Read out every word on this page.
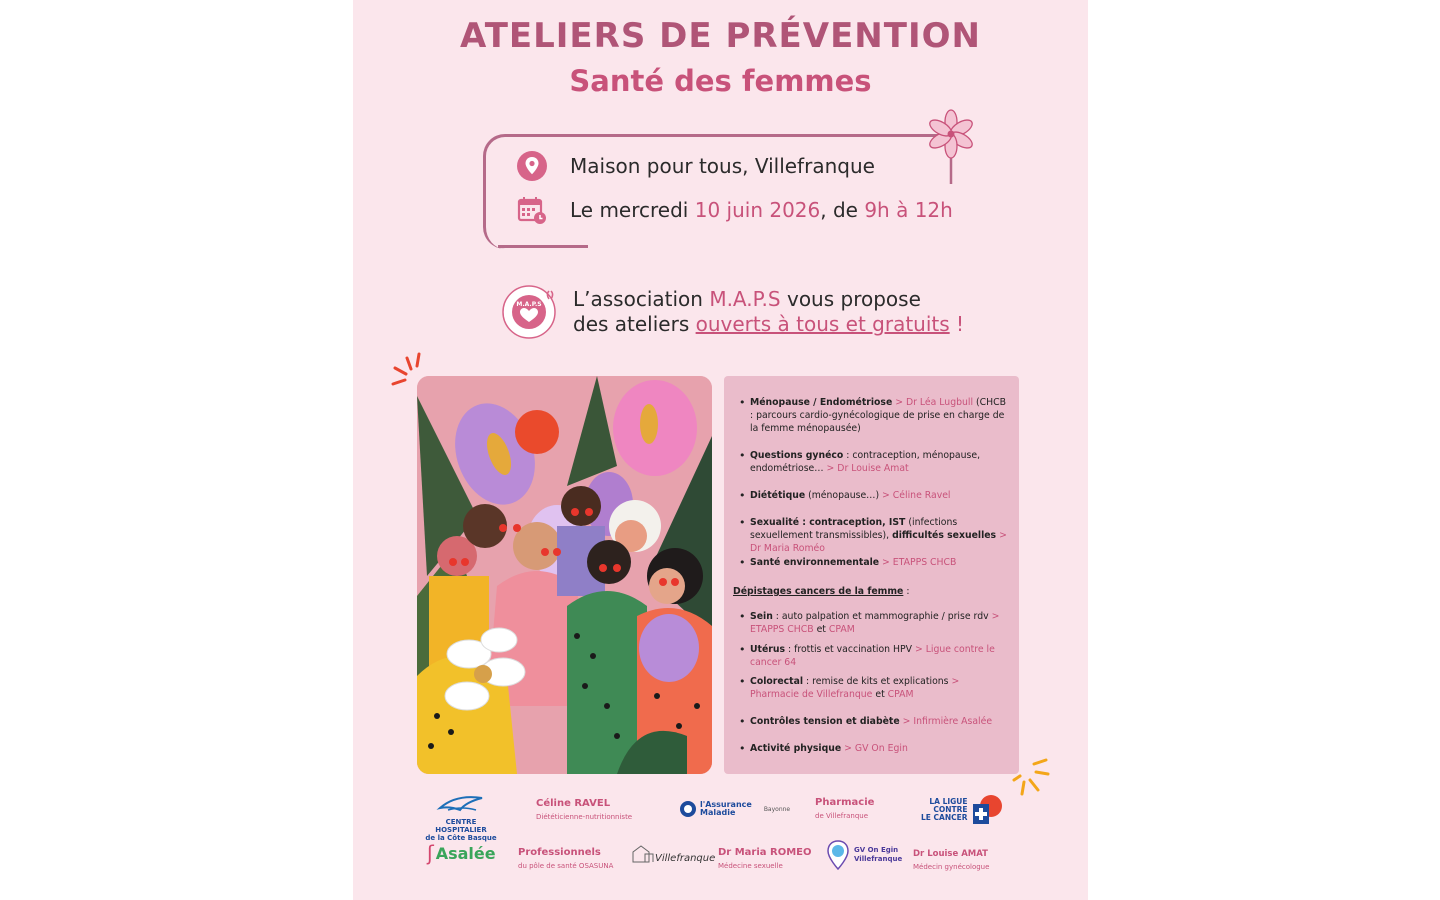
ATELIERS DE PRÉVENTION
Santé des femmes
Maison pour tous, Villefranque
Le mercredi 10 juin 2026, de 9h à 12h
M.A.P.S L’association M.A.P.S vous propose
des ateliers ouverts à tous et gratuits !
• Ménopause / Endométriose > Dr Léa Lugbull (CHCB : parcours cardio-gynécologique de prise en charge de la femme ménopausée)
• Questions gynéco : contraception, ménopause, endométriose… > Dr Louise Amat
• Diététique (ménopause…) > Céline Ravel
• Sexualité : contraception, IST (infections sexuellement transmissibles), difficultés sexuelles > Dr Maria Roméo
• Santé environnementale > ETAPPS CHCB
Dépistages cancers de la femme :
• Sein : auto palpation et mammographie / prise rdv > ETAPPS CHCB et CPAM
• Utérus : frottis et vaccination HPV > Ligue contre le cancer 64
• Colorectal : remise de kits et explications > Pharmacie de Villefranque et CPAM
• Contrôles tension et diabète > Infirmière Asalée
• Activité physique > GV On Egin
CENTRE HOSPITALIER
de la Côte Basque
Céline RAVEL
Diététicienne-nutritionniste
l'Assurance
Maladie	Bayonne
Pharmacie
de Villefranque
LA LIGUE
CONTRE
LE CANCER
ʃ Asalée Professionnels
du pôle de santé OSASUNA
Villefranque
Dr Maria ROMEO
Médecine sexuelle
GV On Egin
Villefranque Dr Louise AMAT
Médecin gynécologue
